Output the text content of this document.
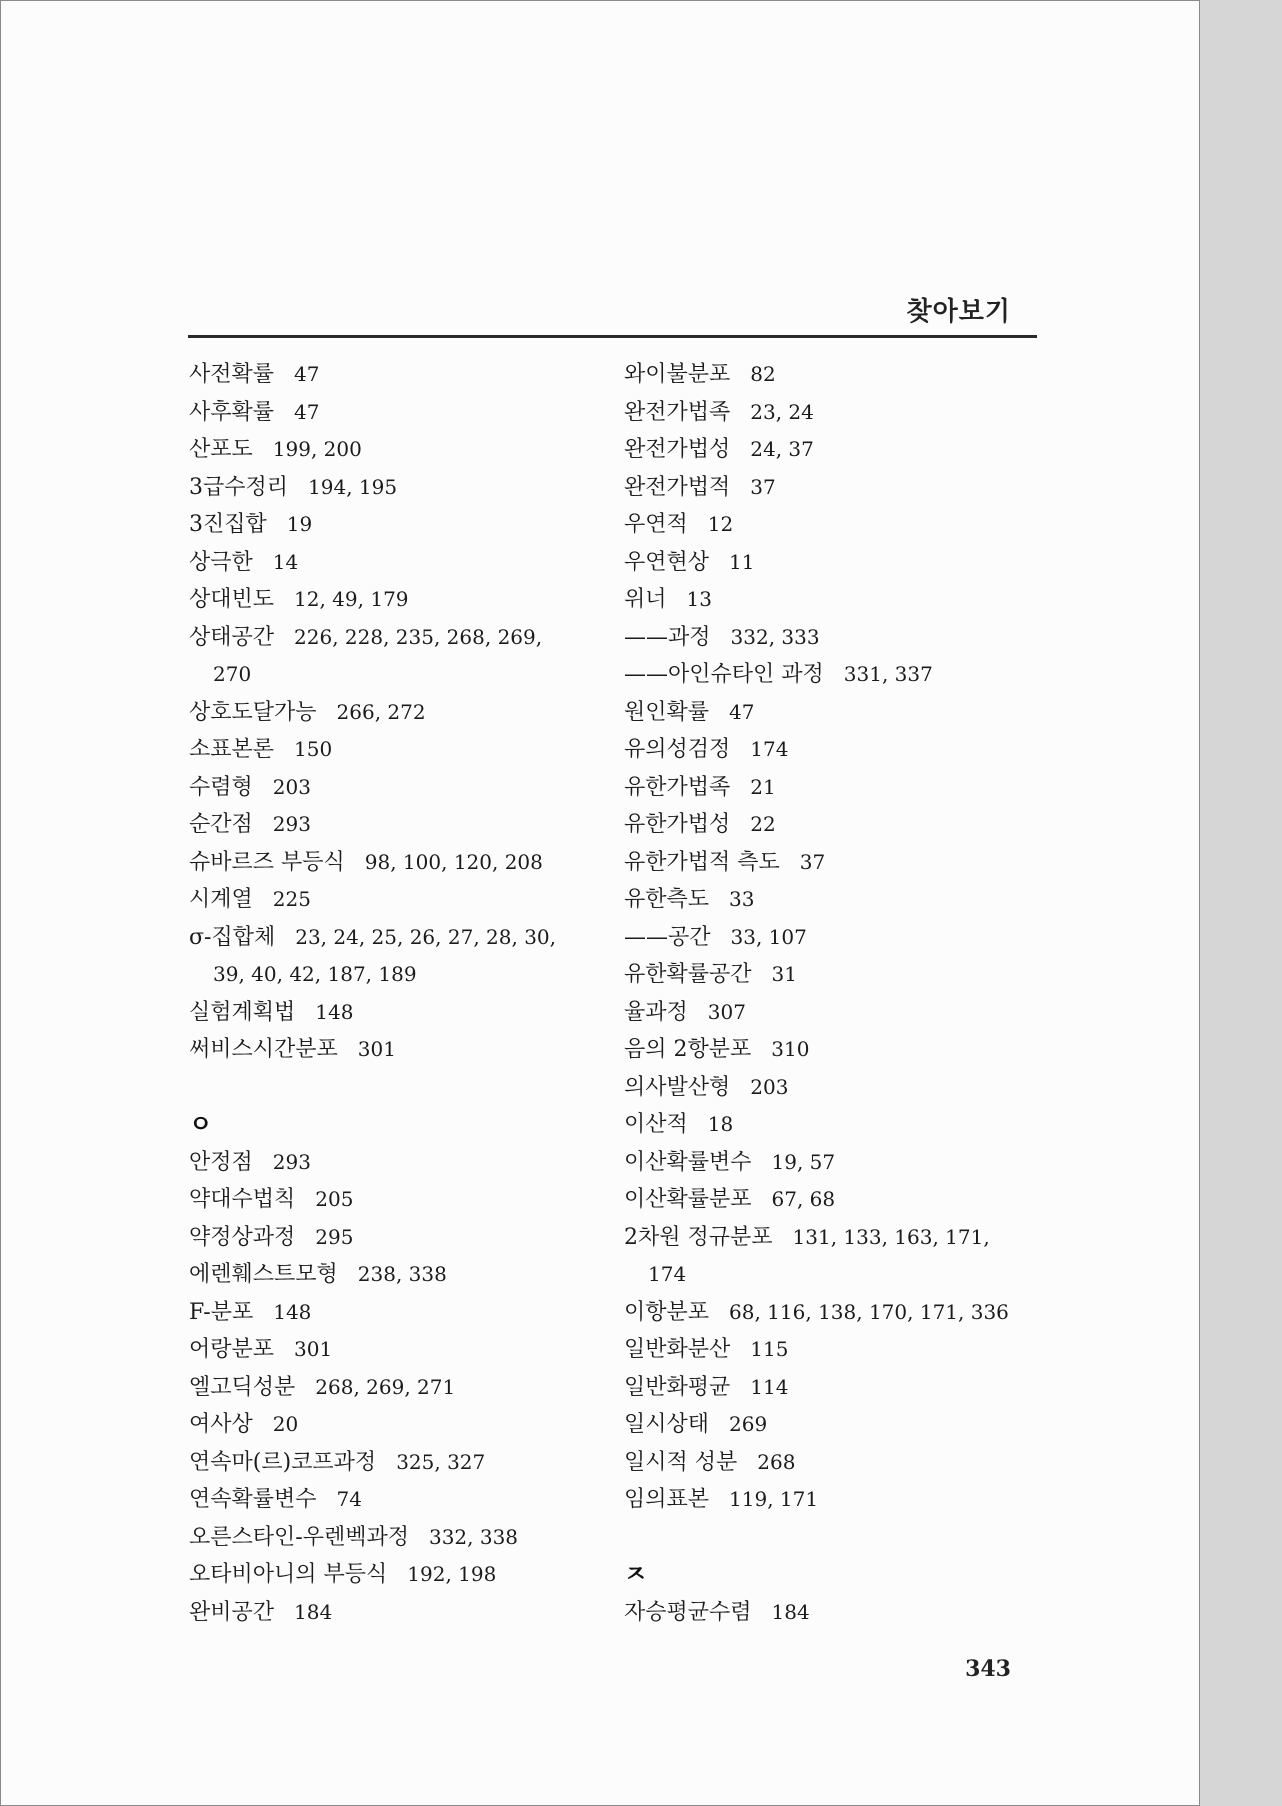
찾아보기
사전확률 47
사후확률 47
산포도 199, 200
3급수정리 194, 195
3진집합 19
상극한 14
상대빈도 12, 49, 179
상태공간 226, 228, 235, 268, 269,
270
상호도달가능 266, 272
소표본론 150
수렴형 203
순간점 293
슈바르즈 부등식 98, 100, 120, 208
시계열 225
σ-집합체 23, 24, 25, 26, 27, 28, 30,
39, 40, 42, 187, 189
실험계획법 148
써비스시간분포 301
ㅇ
안정점 293
약대수법칙 205
약정상과정 295
에렌훼스트모형 238, 338
F-분포 148
어랑분포 301
엘고딕성분 268, 269, 271
여사상 20
연속마(르)코프과정 325, 327
연속확률변수 74
오른스타인-우렌벡과정 332, 338
오타비아니의 부등식 192, 198
완비공간 184
와이불분포 82
완전가법족 23, 24
완전가법성 24, 37
완전가법적 37
우연적 12
우연현상 11
위너 13
——과정 332, 333
——아인슈타인 과정 331, 337
원인확률 47
유의성검정 174
유한가법족 21
유한가법성 22
유한가법적 측도 37
유한측도 33
——공간 33, 107
유한확률공간 31
율과정 307
음의 2항분포 310
의사발산형 203
이산적 18
이산확률변수 19, 57
이산확률분포 67, 68
2차원 정규분포 131, 133, 163, 171,
174
이항분포 68, 116, 138, 170, 171, 336
일반화분산 115
일반화평균 114
일시상태 269
일시적 성분 268
임의표본 119, 171
ㅈ
자승평균수렴 184
343
